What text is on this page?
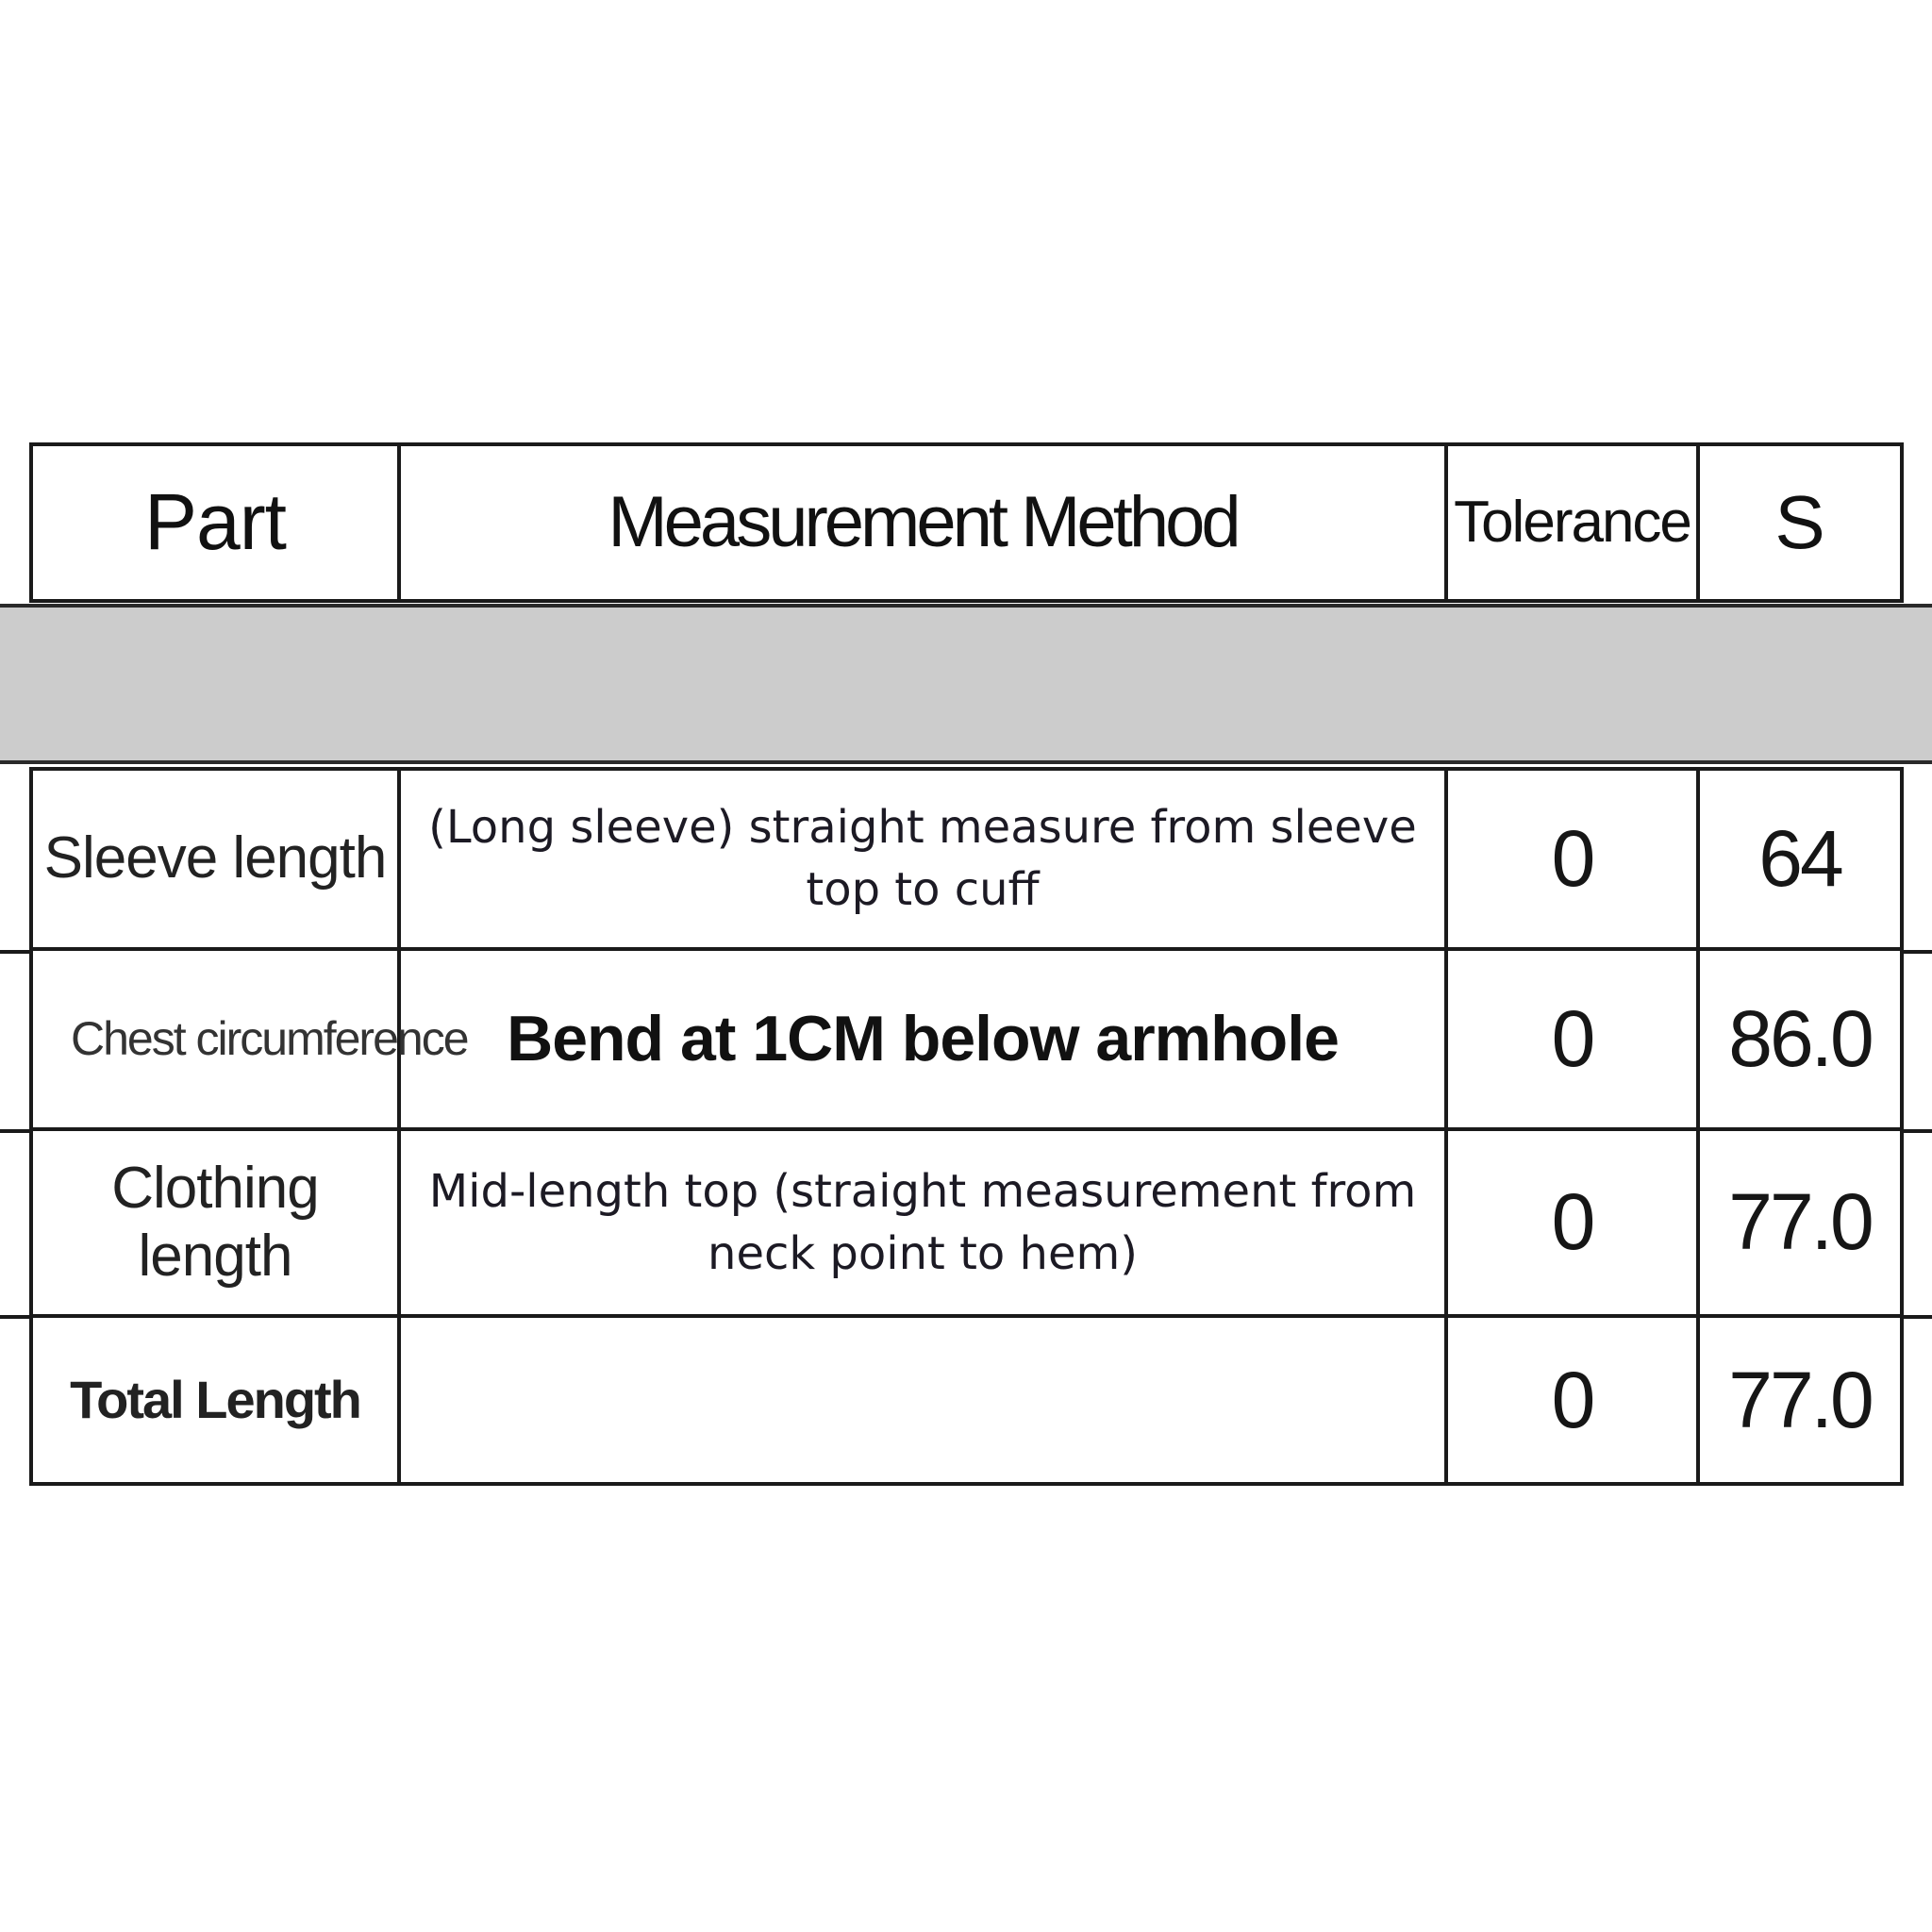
Part	Measurement Method	Tolerance	S

Sleeve length	(Long sleeve) straight measure from sleeve top to cuff	0	64
Chest circumference	Bend at 1CM below armhole	0	86.0
Clothing length	Mid-length top (straight measurement from neck point to hem)	0	77.0
Total Length		0	77.0
